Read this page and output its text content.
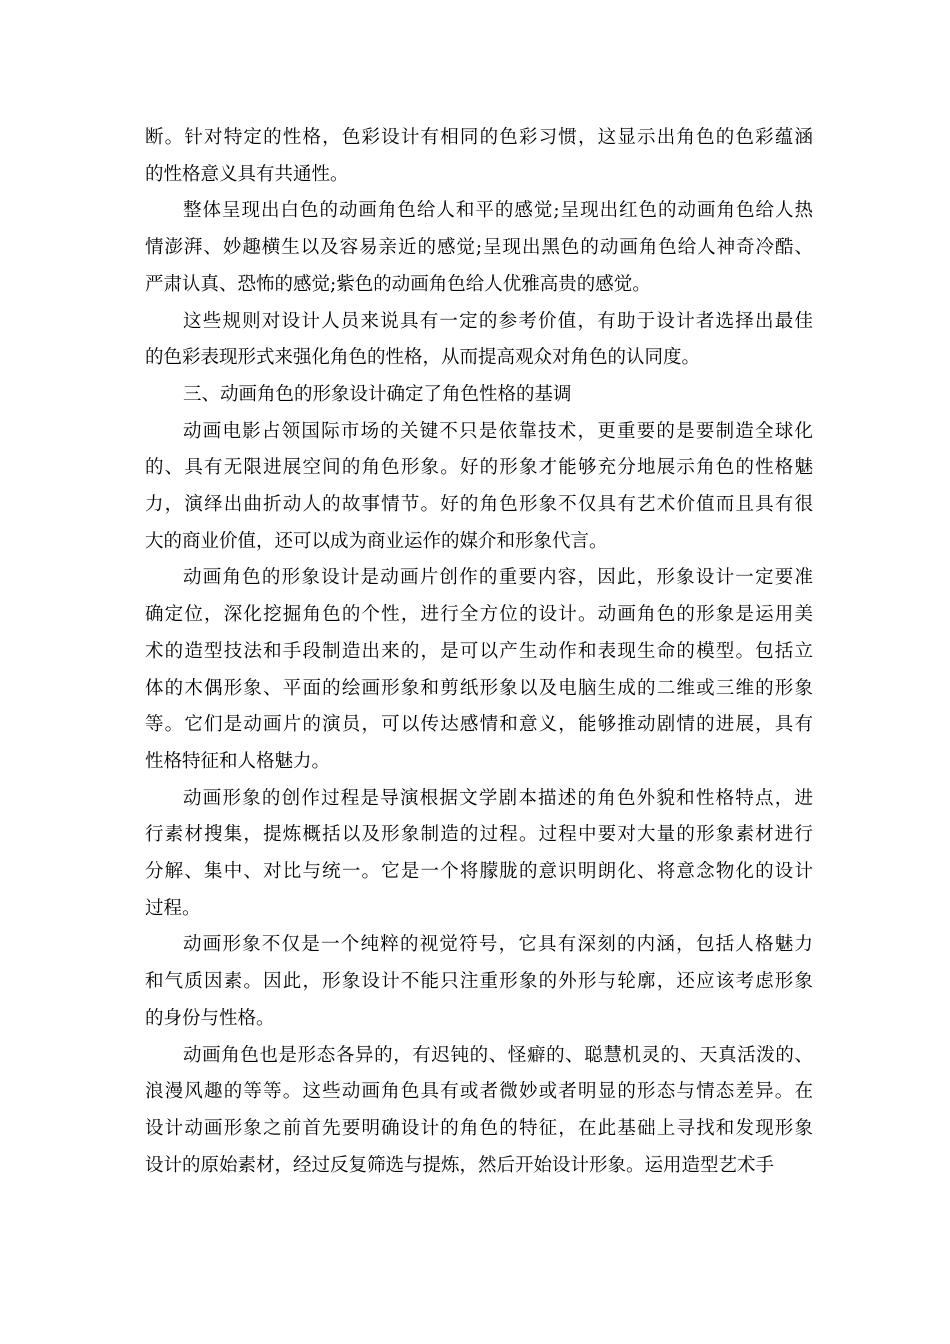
断。针对特定的性格，色彩设计有相同的色彩习惯，这显示出角色的色彩蕴涵
的性格意义具有共通性。
整体呈现出白色的动画角色给人和平的感觉;呈现出红色的动画角色给人热
情澎湃、妙趣横生以及容易亲近的感觉;呈现出黑色的动画角色给人神奇冷酷、
严肃认真、恐怖的感觉;紫色的动画角色给人优雅高贵的感觉。
这些规则对设计人员来说具有一定的参考价值，有助于设计者选择出最佳
的色彩表现形式来强化角色的性格，从而提高观众对角色的认同度。
三、动画角色的形象设计确定了角色性格的基调
动画电影占领国际市场的关键不只是依靠技术，更重要的是要制造全球化
的、具有无限进展空间的角色形象。好的形象才能够充分地展示角色的性格魅
力，演绎出曲折动人的故事情节。好的角色形象不仅具有艺术价值而且具有很
大的商业价值，还可以成为商业运作的媒介和形象代言。
动画角色的形象设计是动画片创作的重要内容，因此，形象设计一定要准
确定位，深化挖掘角色的个性，进行全方位的设计。动画角色的形象是运用美
术的造型技法和手段制造出来的，是可以产生动作和表现生命的模型。包括立
体的木偶形象、平面的绘画形象和剪纸形象以及电脑生成的二维或三维的形象
等。它们是动画片的演员，可以传达感情和意义，能够推动剧情的进展，具有
性格特征和人格魅力。
动画形象的创作过程是导演根据文学剧本描述的角色外貌和性格特点，进
行素材搜集，提炼概括以及形象制造的过程。过程中要对大量的形象素材进行
分解、集中、对比与统一。它是一个将朦胧的意识明朗化、将意念物化的设计
过程。
动画形象不仅是一个纯粹的视觉符号，它具有深刻的内涵，包括人格魅力
和气质因素。因此，形象设计不能只注重形象的外形与轮廓，还应该考虑形象
的身份与性格。
动画角色也是形态各异的，有迟钝的、怪癖的、聪慧机灵的、天真活泼的、
浪漫风趣的等等。这些动画角色具有或者微妙或者明显的形态与情态差异。在
设计动画形象之前首先要明确设计的角色的特征，在此基础上寻找和发现形象
设计的原始素材，经过反复筛选与提炼，然后开始设计形象。运用造型艺术手
